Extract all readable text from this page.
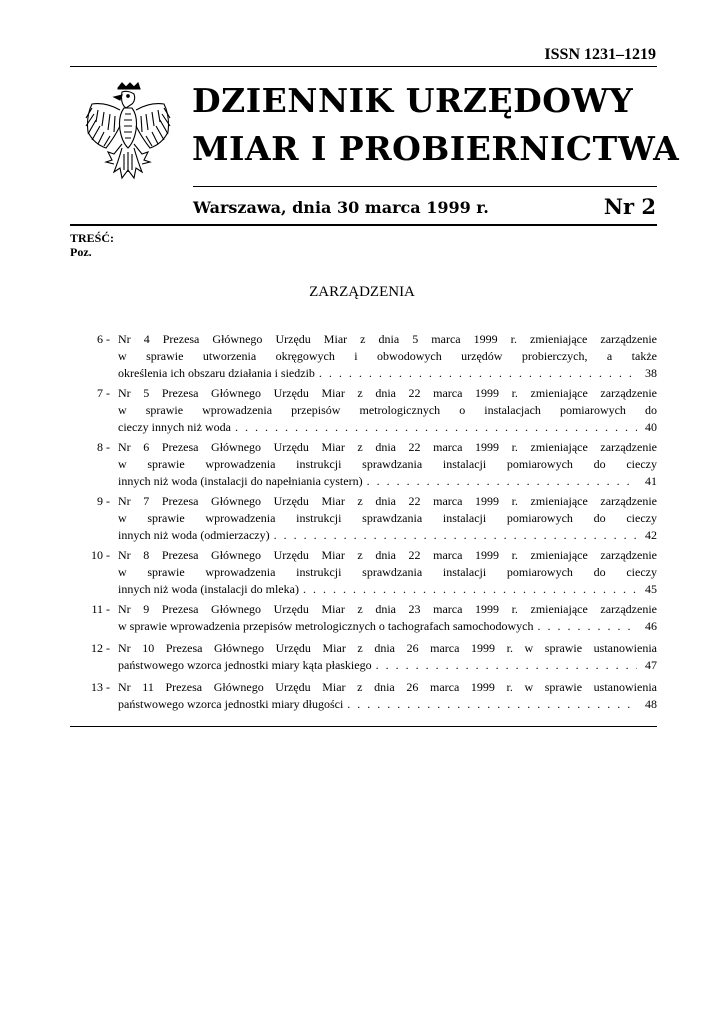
ISSN 1231–1219
DZIENNIK URZĘDOWY
MIAR I PROBIERNICTWA
Warszawa, dnia 30 marca 1999 r.	Nr 2
TREŚĆ:
Poz.
ZARZĄDZENIA
6 - Nr 4 Prezesa Głównego Urzędu Miar z dnia 5 marca 1999 r. zmieniające zarządzenie
w sprawie utworzenia okręgowych i obwodowych urzędów probierczych, a także
określenia ich obszaru działania i siedzib . . .	38
7 - Nr 5 Prezesa Głównego Urzędu Miar z dnia 22 marca 1999 r. zmieniające zarządzenie
w sprawie wprowadzenia przepisów metrologicznych o instalacjach pomiarowych do
cieczy innych niż woda . . .	40
8 - Nr 6 Prezesa Głównego Urzędu Miar z dnia 22 marca 1999 r. zmieniające zarządzenie
w sprawie wprowadzenia instrukcji sprawdzania instalacji pomiarowych do cieczy
innych niż woda (instalacji do napełniania cystern) . . .	41
9 - Nr 7 Prezesa Głównego Urzędu Miar z dnia 22 marca 1999 r. zmieniające zarządzenie
w sprawie wprowadzenia instrukcji sprawdzania instalacji pomiarowych do cieczy
innych niż woda (odmierzaczy) . . .	42
10 - Nr 8 Prezesa Głównego Urzędu Miar z dnia 22 marca 1999 r. zmieniające zarządzenie
w sprawie wprowadzenia instrukcji sprawdzania instalacji pomiarowych do cieczy
innych niż woda (instalacji do mleka) . . .	45
11 - Nr 9 Prezesa Głównego Urzędu Miar z dnia 23 marca 1999 r. zmieniające zarządzenie
w sprawie wprowadzenia przepisów metrologicznych o tachografach samochodowych . . .	46
12 - Nr 10 Prezesa Głównego Urzędu Miar z dnia 26 marca 1999 r. w sprawie ustanowienia
państwowego wzorca jednostki miary kąta płaskiego . . .	47
13 - Nr 11 Prezesa Głównego Urzędu Miar z dnia 26 marca 1999 r. w sprawie ustanowienia
państwowego wzorca jednostki miary długości . . .	48
